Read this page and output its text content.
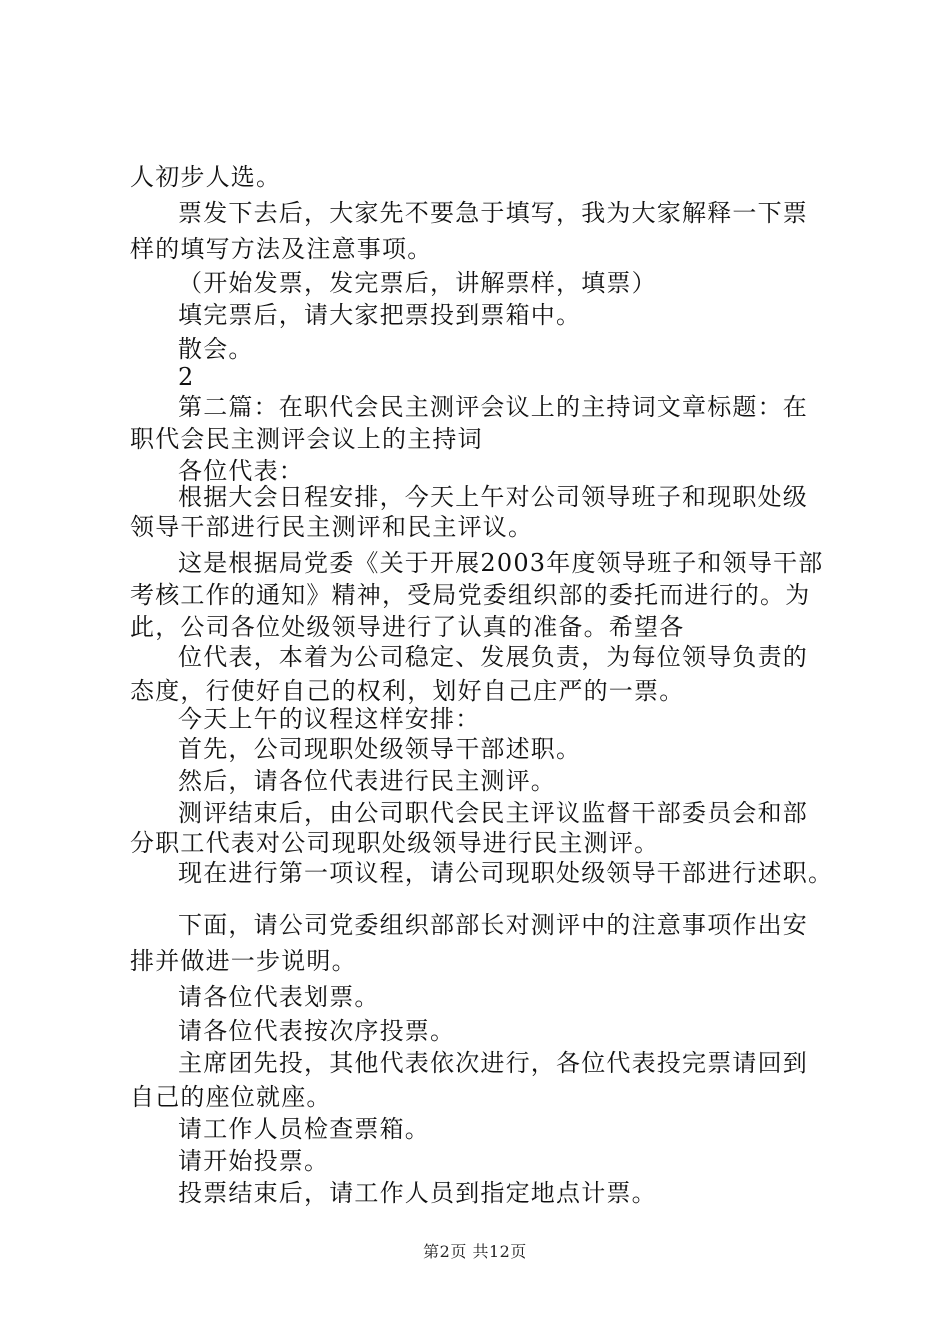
人初步人选。
票发下去后，大家先不要急于填写，我为大家解释一下票
样的填写方法及注意事项。
（开始发票，发完票后，讲解票样，填票）
填完票后，请大家把票投到票箱中。
散会。
2
第二篇：在职代会民主测评会议上的主持词文章标题：在
职代会民主测评会议上的主持词
各位代表：
根据大会日程安排，今天上午对公司领导班子和现职处级
领导干部进行民主测评和民主评议。
这是根据局党委《关于开展2003年度领导班子和领导干部
考核工作的通知》精神，受局党委组织部的委托而进行的。为
此，公司各位处级领导进行了认真的准备。希望各
位代表，本着为公司稳定、发展负责，为每位领导负责的
态度，行使好自己的权利，划好自己庄严的一票。
今天上午的议程这样安排：
首先，公司现职处级领导干部述职。
然后，请各位代表进行民主测评。
测评结束后，由公司职代会民主评议监督干部委员会和部
分职工代表对公司现职处级领导进行民主测评。
现在进行第一项议程，请公司现职处级领导干部进行述职。
下面，请公司党委组织部部长对测评中的注意事项作出安
排并做进一步说明。
请各位代表划票。
请各位代表按次序投票。
主席团先投，其他代表依次进行，各位代表投完票请回到
自己的座位就座。
请工作人员检查票箱。
请开始投票。
投票结束后，请工作人员到指定地点计票。
第2页 共12页
